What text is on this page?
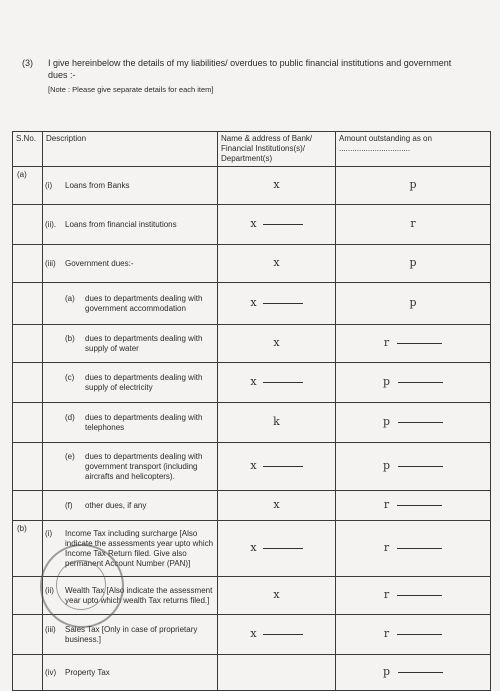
(3) I give hereinbelow the details of my liabilities/ overdues to public financial institutions and government dues :-
[Note : Please give separate details for each item]
S.No.	Description	Name & address of Bank/ Financial Institutions(s)/ Department(s)	Amount outstanding as on ................................
(a)	(i) Loans from Banks	x	p

	(ii). Loans from financial institutions	x	r

	(iii) Government dues:-	x	p

	(a) dues to departments dealing with government accommodation	x	p

	(b) dues to departments dealing with supply of water	x	r

	(c) dues to departments dealing with supply of electricity	x	p

	(d) dues to departments dealing with telephones	k	p

	(e) dues to departments dealing with government transport (including aircrafts and helicopters).	x	p

	(f) other dues, if any	x	r
(b)	(i) Income Tax including surcharge [Also indicate the assessments year upto which Income Tax Return filed. Give also permanent Account Number (PAN)]	x	r

	(ii) Wealth Tax [Also indicate the assessment year upto which wealth Tax returns filed.]	x	r

	(iii) Sales Tax [Only in case of proprietary business.]	x	r

	(iv) Property Tax		p
